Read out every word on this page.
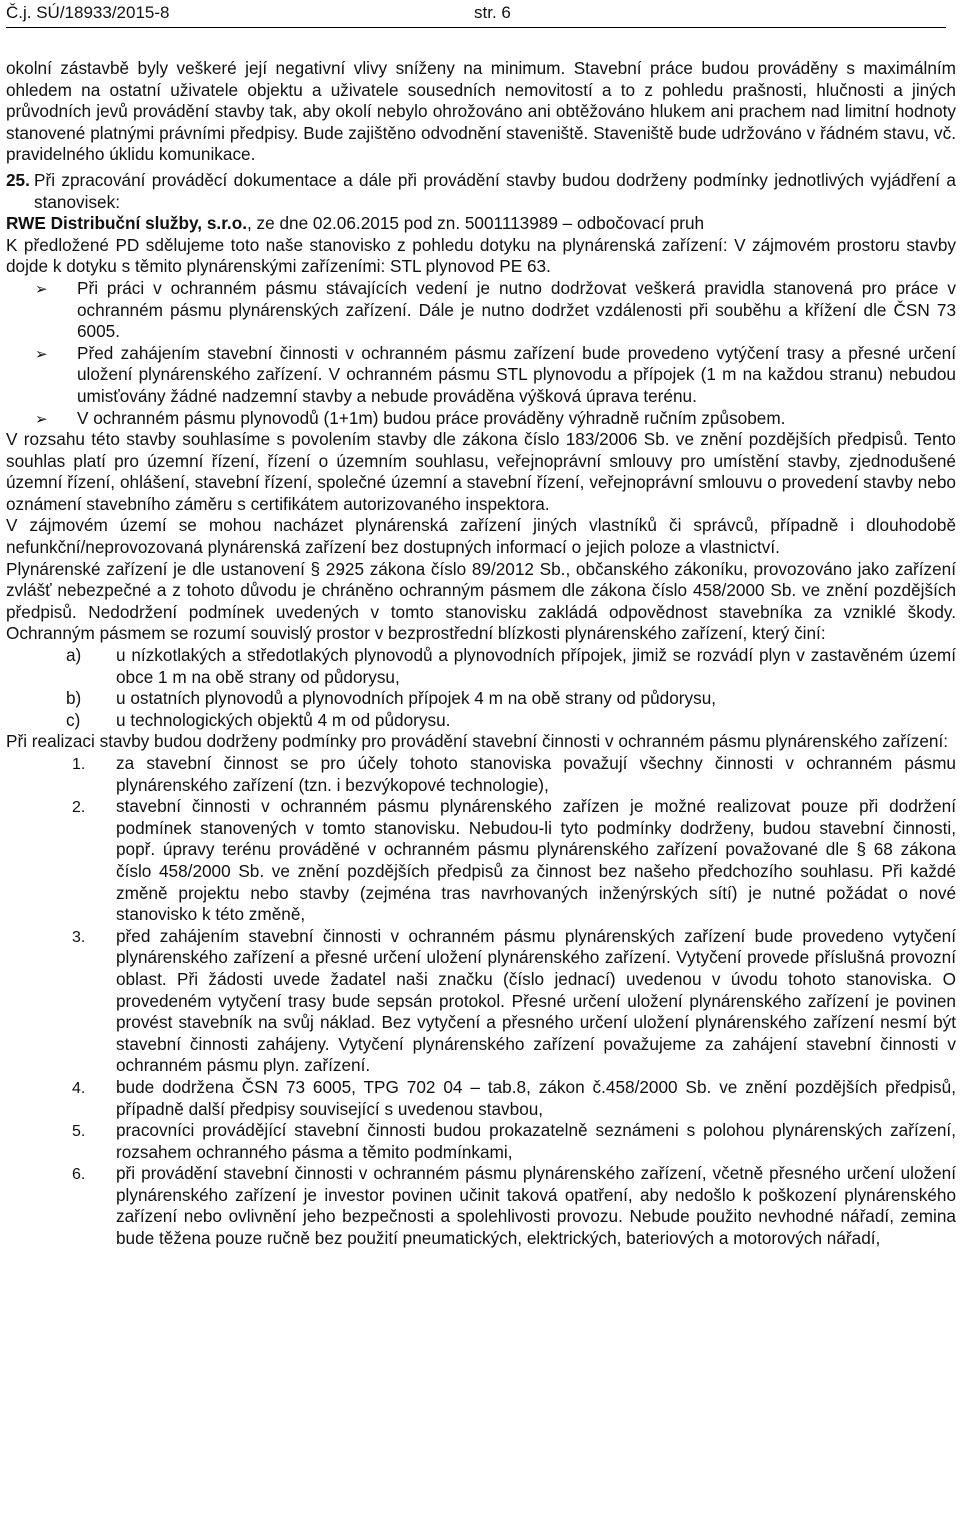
Č.j. SÚ/18933/2015-8	str. 6

okolní zástavbě byly veškeré její negativní vlivy sníženy na minimum. Stavební práce budou prováděny s maximálním ohledem na ostatní uživatele objektu a uživatele sousedních nemovitostí a to z pohledu prašnosti, hlučnosti a jiných průvodních jevů provádění stavby tak, aby okolí nebylo ohrožováno ani obtěžováno hlukem ani prachem nad limitní hodnoty stanovené platnými právními předpisy. Bude zajištěno odvodnění staveniště. Staveniště bude udržováno v řádném stavu, vč. pravidelného úklidu komunikace.

25. Při zpracování prováděcí dokumentace a dále při provádění stavby budou dodrženy podmínky jednotlivých vyjádření a stanovisek:

RWE Distribuční služby, s.r.o., ze dne 02.06.2015 pod zn. 5001113989 – odbočovací pruh

K předložené PD sdělujeme toto naše stanovisko z pohledu dotyku na plynárenská zařízení: V zájmovém prostoru stavby dojde k dotyku s těmito plynárenskými zařízeními: STL plynovod PE 63.

➢ Při práci v ochranném pásmu stávajících vedení je nutno dodržovat veškerá pravidla stanovená pro práce v ochranném pásmu plynárenských zařízení. Dále je nutno dodržet vzdálenosti při souběhu a křížení dle ČSN 73 6005.

➢ Před zahájením stavební činnosti v ochranném pásmu zařízení bude provedeno vytýčení trasy a přesné určení uložení plynárenského zařízení. V ochranném pásmu STL plynovodu a přípojek (1 m na každou stranu) nebudou umisťovány žádné nadzemní stavby a nebude prováděna výšková úprava terénu.

➢ V ochranném pásmu plynovodů (1+1m) budou práce prováděny výhradně ručním způsobem.

V rozsahu této stavby souhlasíme s povolením stavby dle zákona číslo 183/2006 Sb. ve znění pozdějších předpisů. Tento souhlas platí pro územní řízení, řízení o územním souhlasu, veřejnoprávní smlouvy pro umístění stavby, zjednodušené územní řízení, ohlášení, stavební řízení, společné územní a stavební řízení, veřejnoprávní smlouvu o provedení stavby nebo oznámení stavebního záměru s certifikátem autorizovaného inspektora.

V zájmovém území se mohou nacházet plynárenská zařízení jiných vlastníků či správců, případně i dlouhodobě nefunkční/neprovozovaná plynárenská zařízení bez dostupných informací o jejich poloze a vlastnictví.

Plynárenské zařízení je dle ustanovení § 2925 zákona číslo 89/2012 Sb., občanského zákoníku, provozováno jako zařízení zvlášť nebezpečné a z tohoto důvodu je chráněno ochranným pásmem dle zákona číslo 458/2000 Sb. ve znění pozdějších předpisů. Nedodržení podmínek uvedených v tomto stanovisku zakládá odpovědnost stavebníka za vzniklé škody. Ochranným pásmem se rozumí souvislý prostor v bezprostřední blízkosti plynárenského zařízení, který činí:

a) u nízkotlakých a středotlakých plynovodů a plynovodních přípojek, jimiž se rozvádí plyn v zastavěném území obce 1 m na obě strany od půdorysu,

b) u ostatních plynovodů a plynovodních přípojek 4 m na obě strany od půdorysu,

c) u technologických objektů 4 m od půdorysu.

Při realizaci stavby budou dodrženy podmínky pro provádění stavební činnosti v ochranném pásmu plynárenského zařízení:

1. za stavební činnost se pro účely tohoto stanoviska považují všechny činnosti v ochranném pásmu plynárenského zařízení (tzn. i bezvýkopové technologie),

2. stavební činnosti v ochranném pásmu plynárenského zařízen je možné realizovat pouze při dodržení podmínek stanovených v tomto stanovisku. Nebudou-li tyto podmínky dodrženy, budou stavební činnosti, popř. úpravy terénu prováděné v ochranném pásmu plynárenského zařízení považované dle § 68 zákona číslo 458/2000 Sb. ve znění pozdějších předpisů za činnost bez našeho předchozího souhlasu. Při každé změně projektu nebo stavby (zejména tras navrhovaných inženýrských sítí) je nutné požádat o nové stanovisko k této změně,

3. před zahájením stavební činnosti v ochranném pásmu plynárenských zařízení bude provedeno vytyčení plynárenského zařízení a přesné určení uložení plynárenského zařízení. Vytyčení provede příslušná provozní oblast. Při žádosti uvede žadatel naši značku (číslo jednací) uvedenou v úvodu tohoto stanoviska. O provedeném vytyčení trasy bude sepsán protokol. Přesné určení uložení plynárenského zařízení je povinen provést stavebník na svůj náklad. Bez vytyčení a přesného určení uložení plynárenského zařízení nesmí být stavební činnosti zahájeny. Vytyčení plynárenského zařízení považujeme za zahájení stavební činnosti v ochranném pásmu plyn. zařízení.

4. bude dodržena ČSN 73 6005, TPG 702 04 – tab.8, zákon č.458/2000 Sb. ve znění pozdějších předpisů, případně další předpisy související s uvedenou stavbou,

5. pracovníci provádějící stavební činnosti budou prokazatelně seznámeni s polohou plynárenských zařízení, rozsahem ochranného pásma a těmito podmínkami,

6. při provádění stavební činnosti v ochranném pásmu plynárenského zařízení, včetně přesného určení uložení plynárenského zařízení je investor povinen učinit taková opatření, aby nedošlo k poškození plynárenského zařízení nebo ovlivnění jeho bezpečnosti a spolehlivosti provozu. Nebude použito nevhodné nářadí, zemina bude těžena pouze ručně bez použití pneumatických, elektrických, bateriových a motorových nářadí,
